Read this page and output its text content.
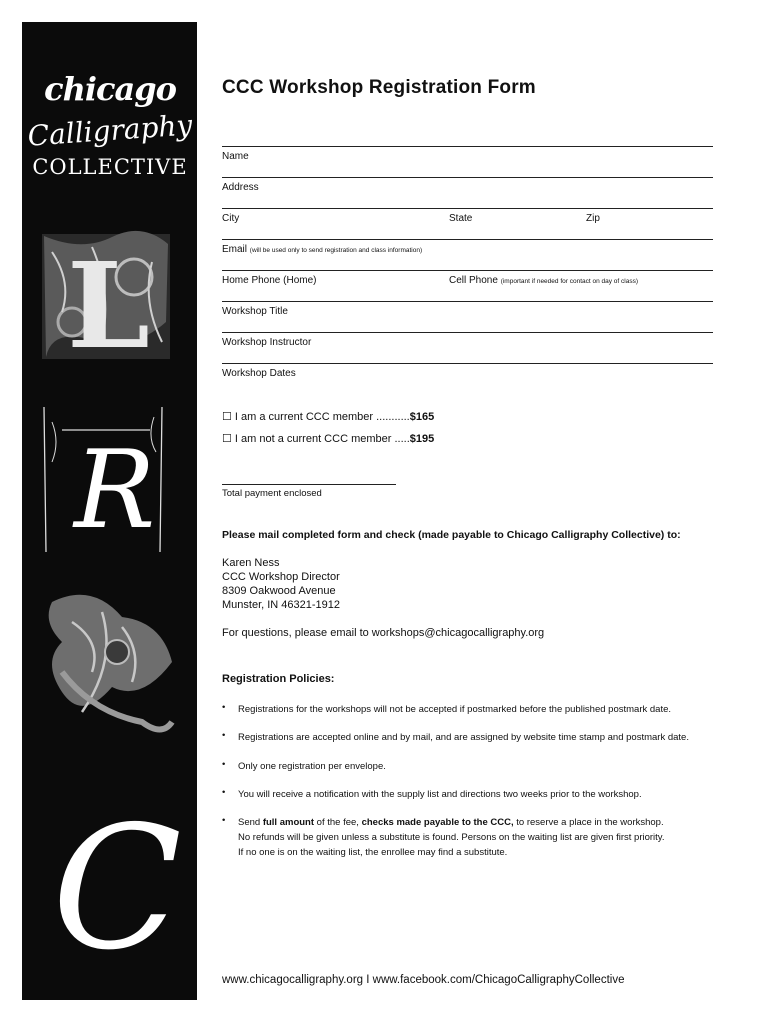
chicago
Calligraphy
COLLECTIVE
L
R
C
CCC Workshop Registration Form
Name
Address
City	State	Zip
Email (will be used only to send registration and class information)
Home Phone (Home)	Cell Phone (important if needed for contact on day of class)
Workshop Title
Workshop Instructor
Workshop Dates
☐ I am a current CCC member ...........$165
☐ I am not a current CCC member .....$195
Total payment enclosed
Please mail completed form and check (made payable to Chicago Calligraphy Collective) to:
Karen Ness
CCC Workshop Director
8309 Oakwood Avenue
Munster, IN 46321-1912
For questions, please email to workshops@chicagocalligraphy.org
Registration Policies:
• Registrations for the workshops will not be accepted if postmarked before the published postmark date.
• Registrations are accepted online and by mail, and are assigned by website time stamp and postmark date.
• Only one registration per envelope.
• You will receive a notification with the supply list and directions two weeks prior to the workshop.
• Send full amount of the fee, checks made payable to the CCC, to reserve a place in the workshop.
No refunds will be given unless a substitute is found. Persons on the waiting list are given first priority.
If no one is on the waiting list, the enrollee may find a substitute.
www.chicagocalligraphy.org I www.facebook.com/ChicagoCalligraphyCollective
